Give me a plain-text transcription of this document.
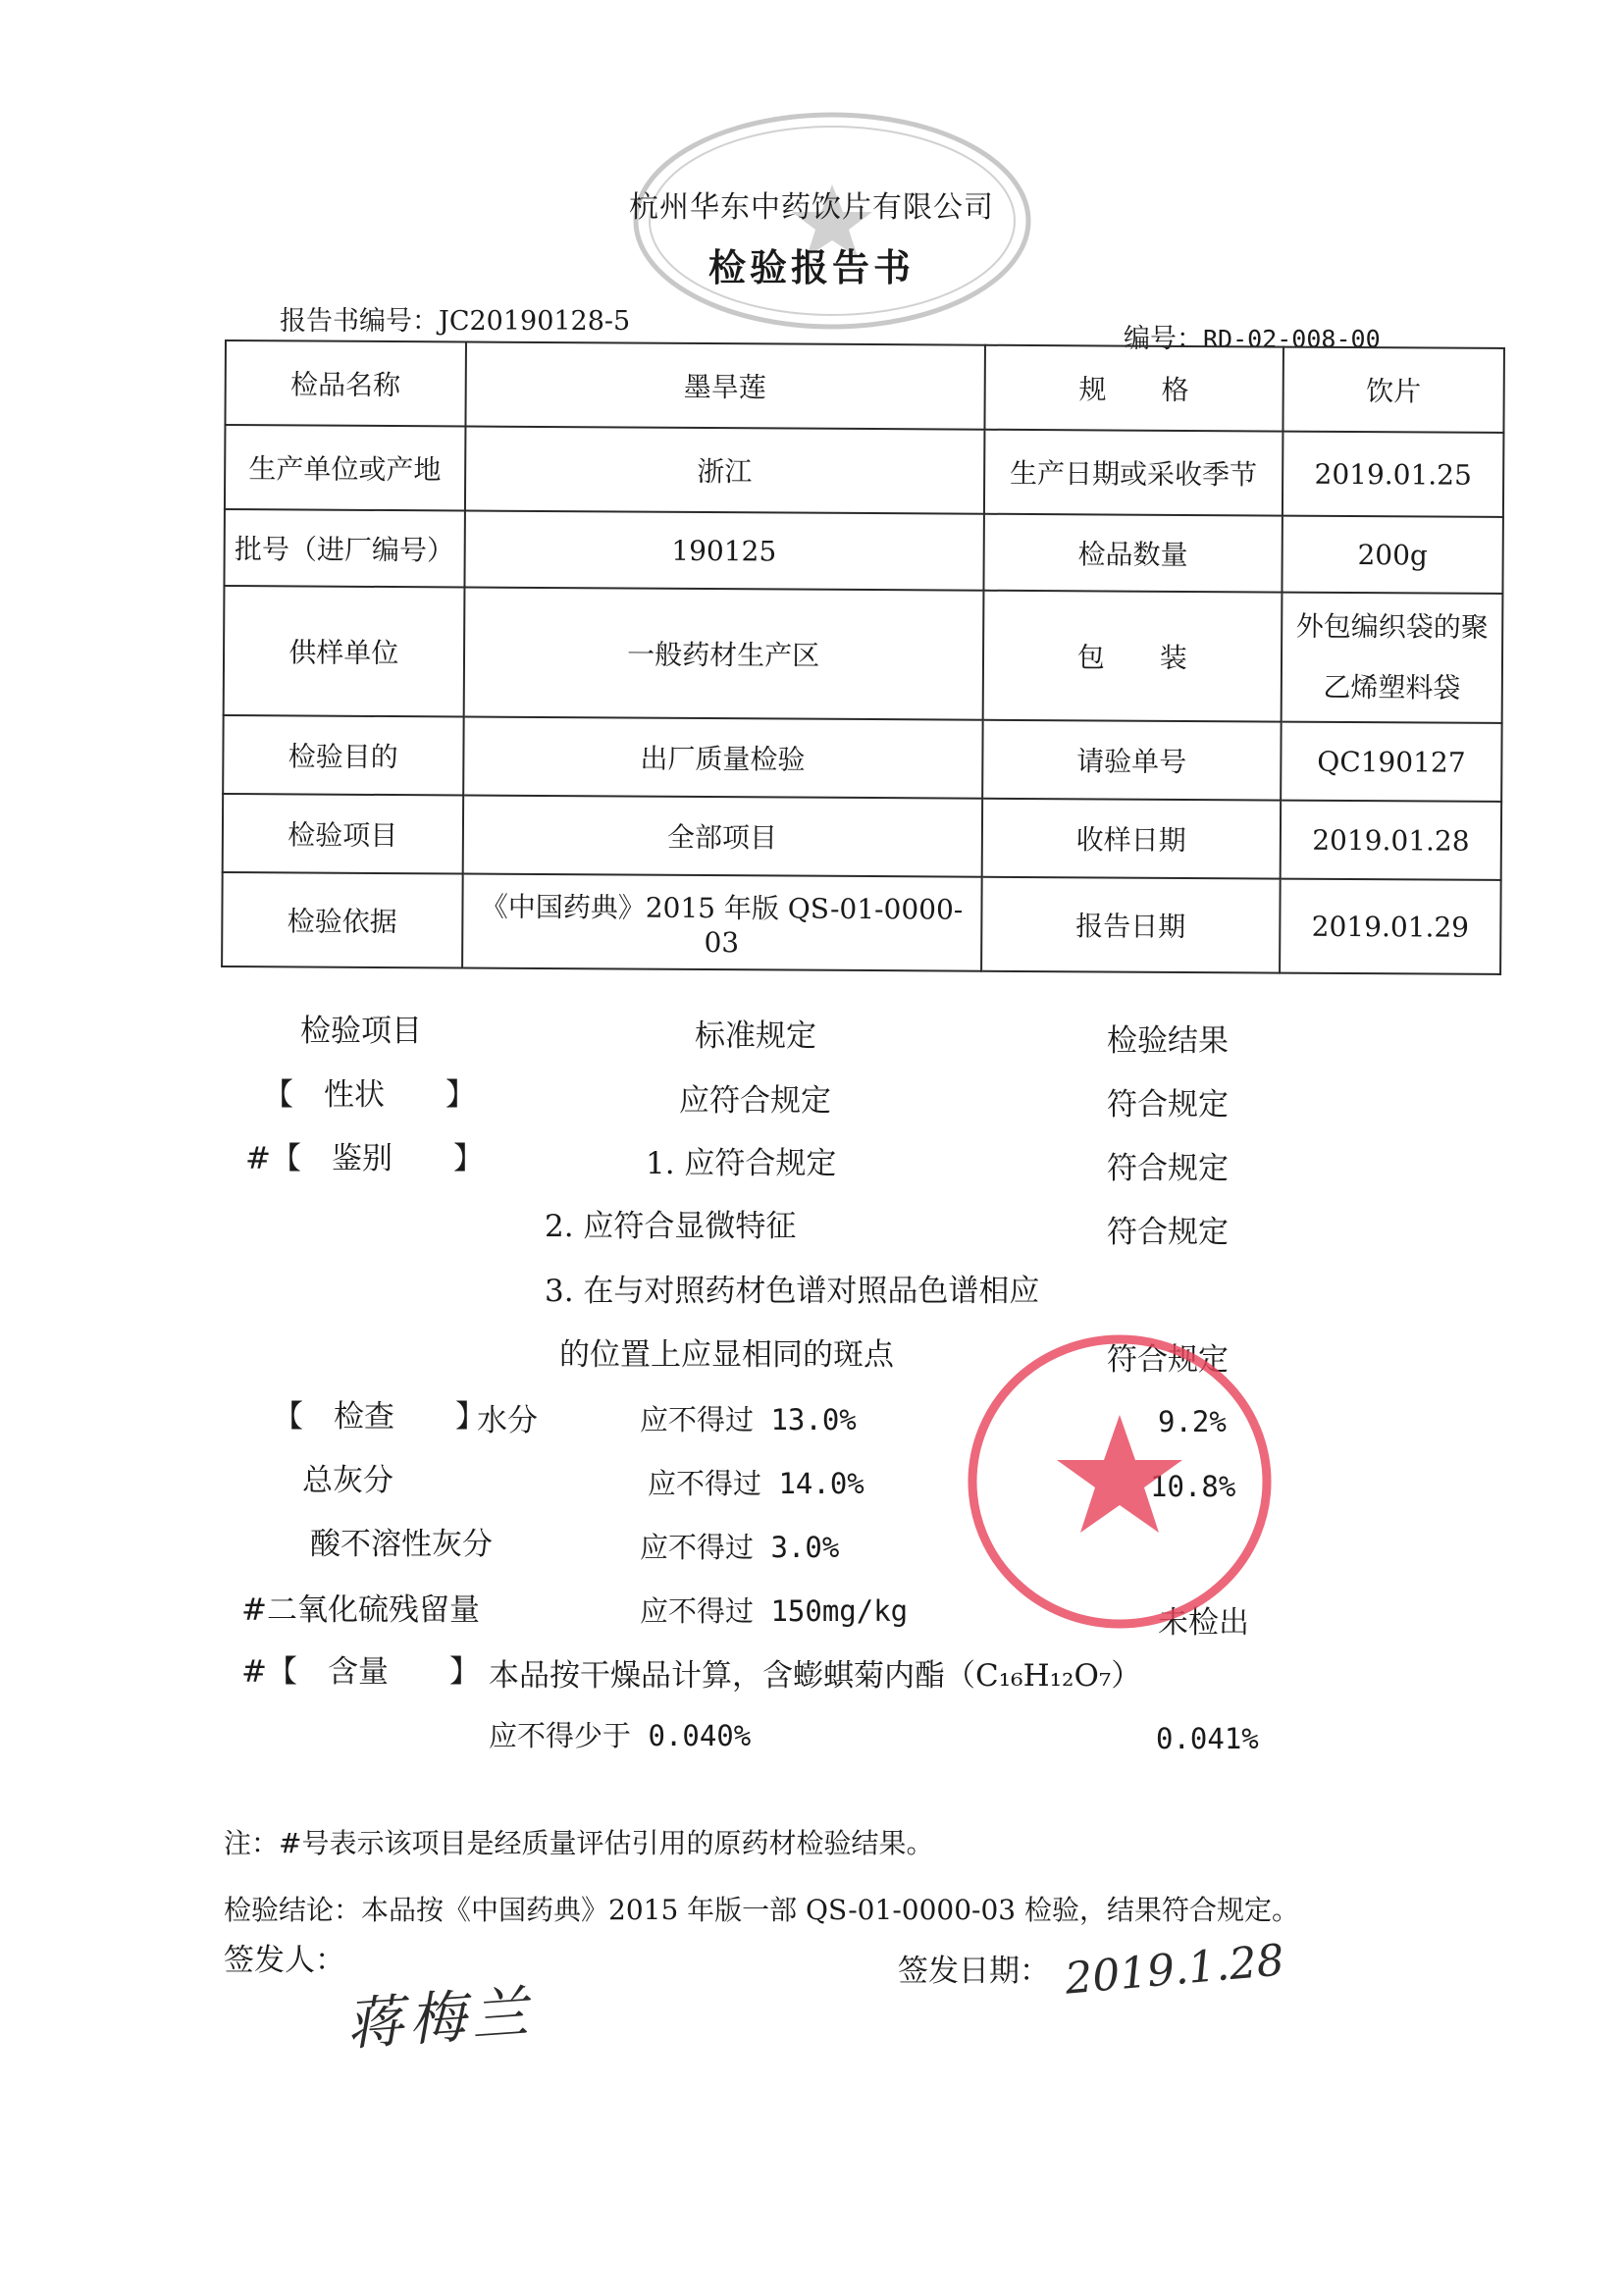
杭州华东中药饮片有限公司
检验报告书
报告书编号：JC20190128-5
编号：RD-02-008-00
检品名称	墨旱莲	规　　格	饮片
生产单位或产地	浙江	生产日期或采收季节	2019.01.25
批号（进厂编号）	190125	检品数量	200g
供样单位	一般药材生产区	包　　装	外包编织袋的聚乙烯塑料袋
检验目的	出厂质量检验	请验单号	QC190127
检验项目	全部项目	收样日期	2019.01.28
检验依据	《中国药典》2015 年版 QS-01-0000-03	报告日期	2019.01.29
检验项目	标准规定	检验结果
【　性状　　】	应符合规定	符合规定
#【　鉴别　　】	1. 应符合规定	符合规定
2. 应符合显微特征	符合规定
3. 在与对照药材色谱对照品色谱相应
的位置上应显相同的斑点	符合规定
【　检查　　】
水分	应不得过 13.0%	9.2%
总灰分	应不得过 14.0%	10.8%
酸不溶性灰分	应不得过 3.0%
#二氧化硫残留量	应不得过 150mg/kg	未检出
#【　含量　　】 本品按干燥品计算，含蟛蜞菊内酯（C₁₆H₁₂O₇）
应不得少于 0.040%	0.041%
注：#号表示该项目是经质量评估引用的原药材检验结果。
检验结论：本品按《中国药典》2015 年版一部 QS-01-0000-03 检验，结果符合规定。
签发人：
蒋梅兰
签发日期： 2019.1.28
